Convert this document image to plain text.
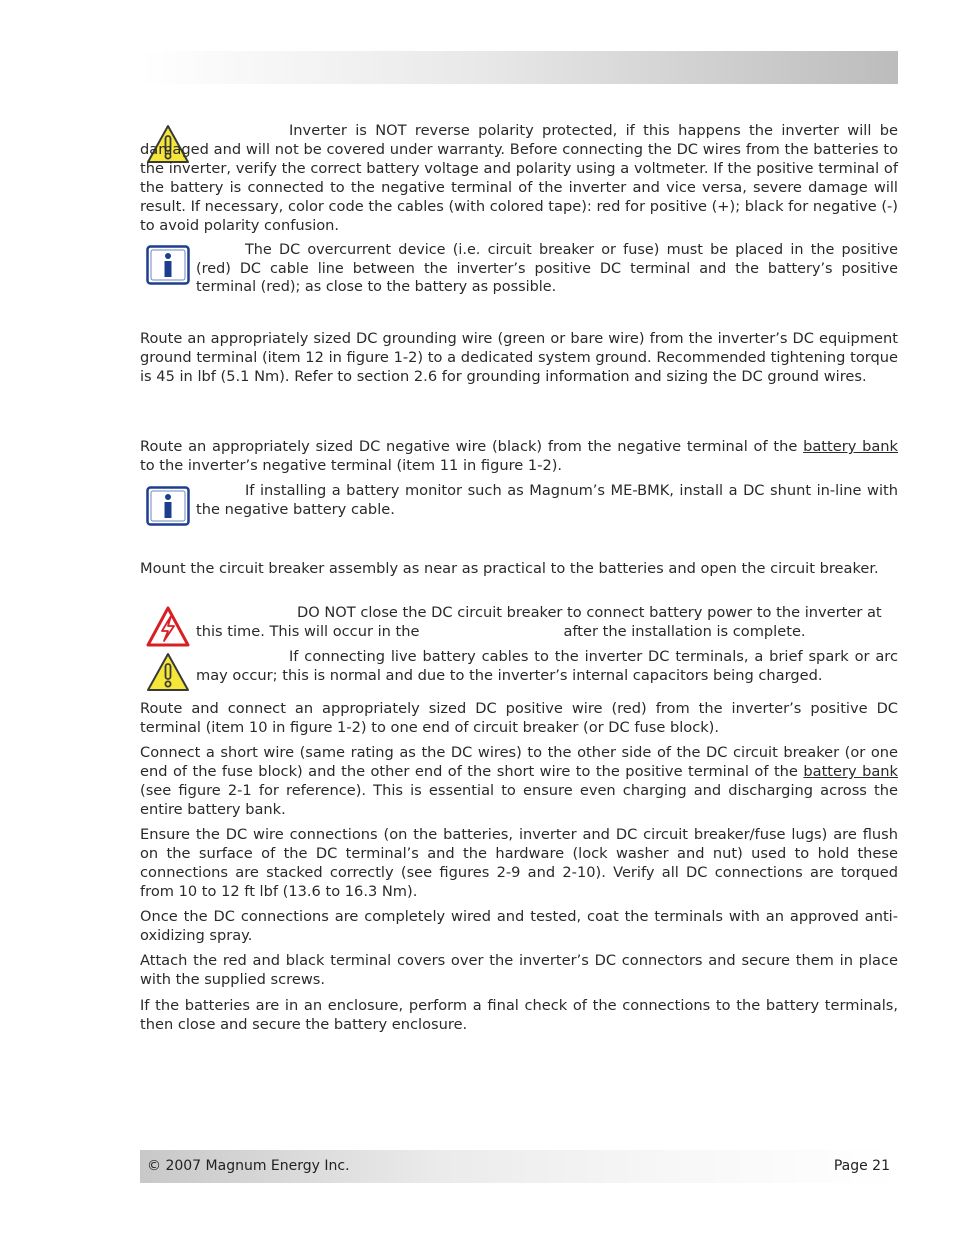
Inverter is NOT reverse polarity protected, if this happens the inverter will be damaged and will not be covered under warranty. Before connecting the DC wires from the batteries to the inverter, verify the correct battery voltage and polarity using a voltmeter. If the positive terminal of the battery is connected to the negative terminal of the inverter and vice versa, severe damage will result. If necessary, color code the cables (with colored tape): red for positive (+); black for negative (-) to avoid polarity confusion.
The DC overcurrent device (i.e. circuit breaker or fuse) must be placed in the positive (red) DC cable line between the inverter’s positive DC terminal and the battery’s positive terminal (red); as close to the battery as possible.
Route an appropriately sized DC grounding wire (green or bare wire) from the inverter’s DC equipment ground terminal (item 12 in figure 1-2) to a dedicated system ground. Recommended tightening torque is 45 in lbf (5.1 Nm). Refer to section 2.6 for grounding information and sizing the DC ground wires.
Route an appropriately sized DC negative wire (black) from the negative terminal of the battery bank to the inverter’s negative terminal (item 11 in figure 1-2).
If installing a battery monitor such as Magnum’s ME-BMK, install a DC shunt in-line with the negative battery cable.
Mount the circuit breaker assembly as near as practical to the batteries and open the circuit breaker.
DO NOT close the DC circuit breaker to connect battery power to the inverter at this time. This will occur in the	after the installation is complete.
If connecting live battery cables to the inverter DC terminals, a brief spark or arc may occur; this is normal and due to the inverter’s internal capacitors being charged.
Route and connect an appropriately sized DC positive wire (red) from the inverter’s positive DC terminal (item 10 in figure 1-2) to one end of circuit breaker (or DC fuse block).
Connect a short wire (same rating as the DC wires) to the other side of the DC circuit breaker (or one end of the fuse block) and the other end of the short wire to the positive terminal of the battery bank (see figure 2-1 for reference). This is essential to ensure even charging and discharging across the entire battery bank.
Ensure the DC wire connections (on the batteries, inverter and DC circuit breaker/fuse lugs) are flush on the surface of the DC terminal’s and the hardware (lock washer and nut) used to hold these connections are stacked correctly (see figures 2-9 and 2-10). Verify all DC connections are torqued from 10 to 12 ft lbf (13.6 to 16.3 Nm).
Once the DC connections are completely wired and tested, coat the terminals with an approved anti-oxidizing spray.
Attach the red and black terminal covers over the inverter’s DC connectors and secure them in place with the supplied screws.
If the batteries are in an enclosure, perform a final check of the connections to the battery terminals, then close and secure the battery enclosure.
© 2007 Magnum Energy Inc.	Page 21
